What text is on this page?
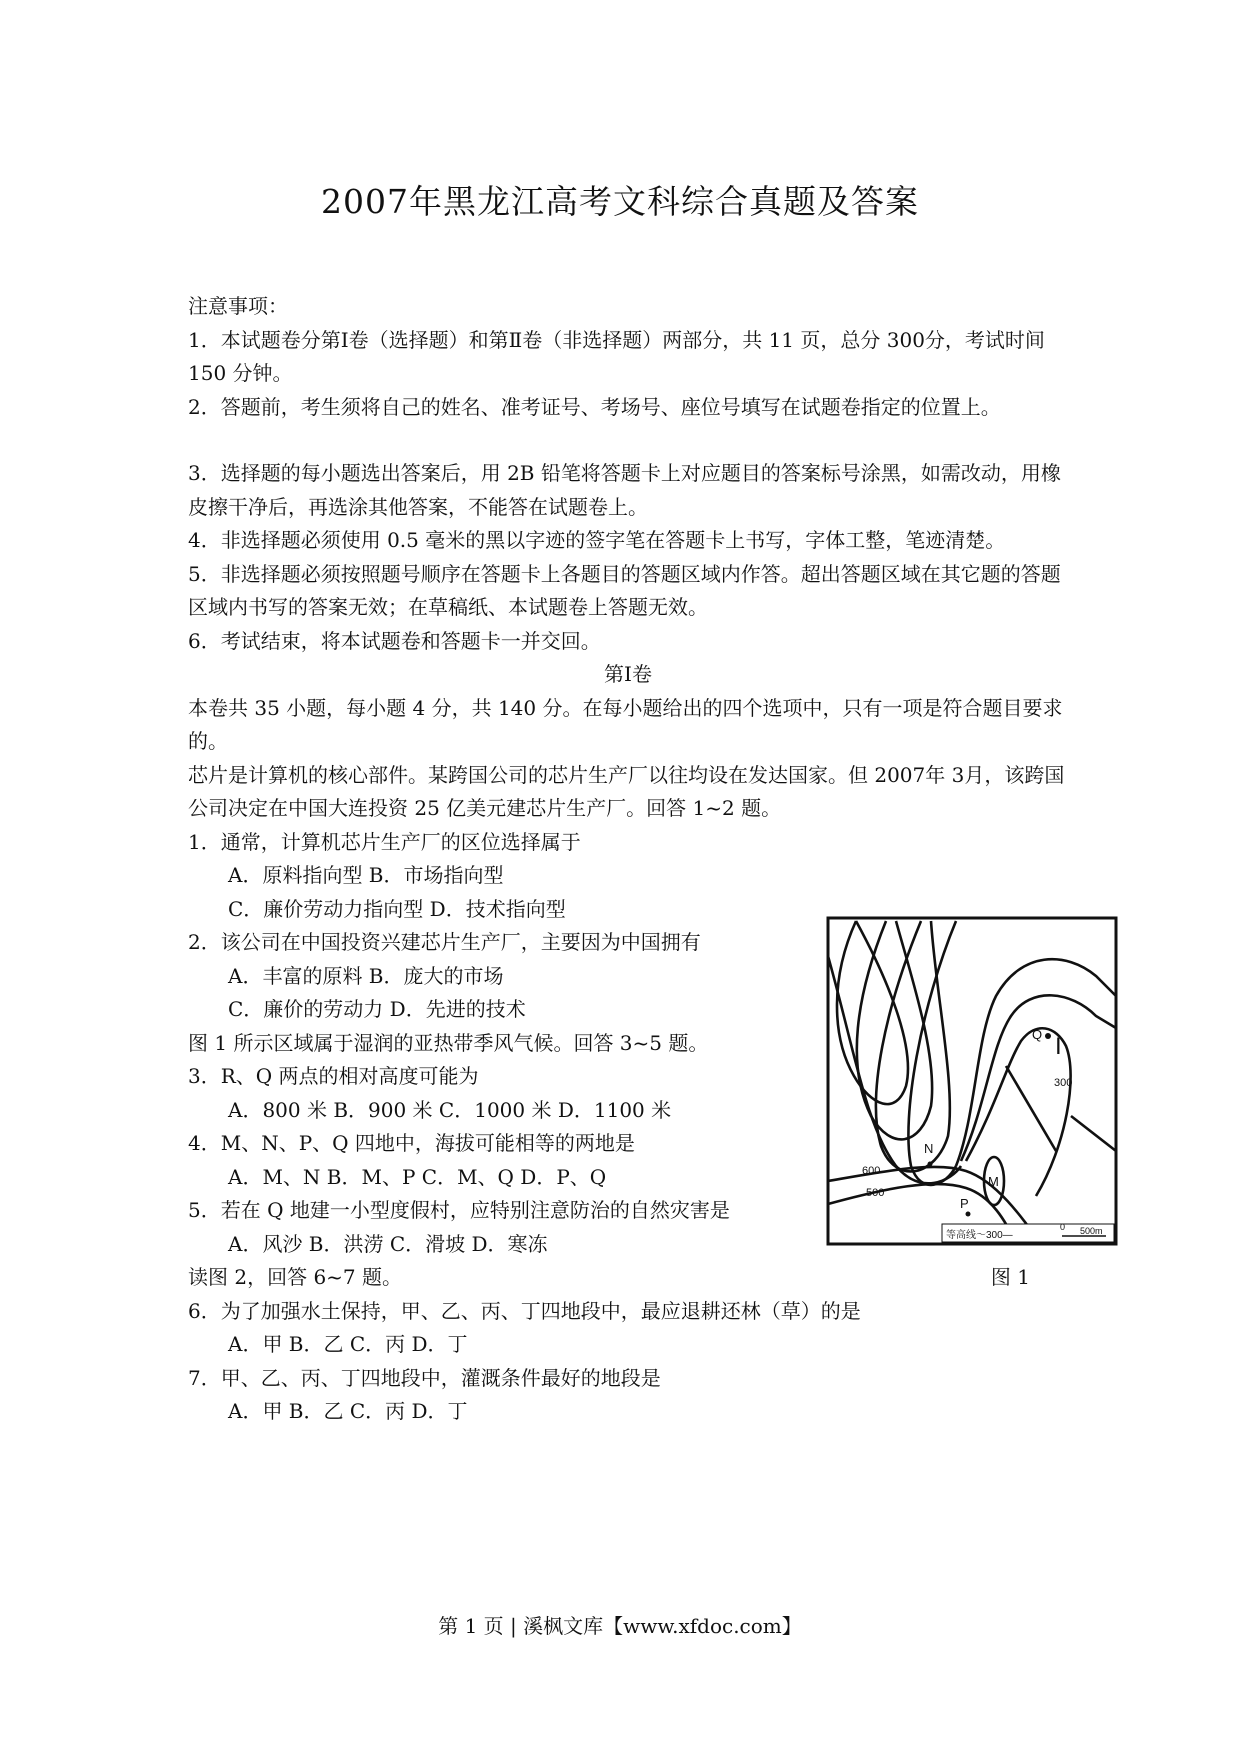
2007年黑龙江高考文科综合真题及答案

注意事项：

1．本试题卷分第Ⅰ卷（选择题）和第Ⅱ卷（非选择题）两部分，共 11 页，总分 300分，考试时间 150 分钟。

2．答题前，考生须将自己的姓名、准考证号、考场号、座位号填写在试题卷指定的位置上。

3．选择题的每小题选出答案后，用 2B 铅笔将答题卡上对应题目的答案标号涂黑，如需改动，用橡皮擦干净后，再选涂其他答案，不能答在试题卷上。

4．非选择题必须使用 0.5 毫米的黑以字迹的签字笔在答题卡上书写，字体工整，笔迹清楚。

5．非选择题必须按照题号顺序在答题卡上各题目的答题区域内作答。超出答题区域在其它题的答题区域内书写的答案无效；在草稿纸、本试题卷上答题无效。

6．考试结束，将本试题卷和答题卡一并交回。

第Ⅰ卷

本卷共 35 小题，每小题 4 分，共 140 分。在每小题给出的四个选项中，只有一项是符合题目要求的。

芯片是计算机的核心部件。某跨国公司的芯片生产厂以往均设在发达国家。但 2007年 3月，该跨国公司决定在中国大连投资 25 亿美元建芯片生产厂。回答 1~2 题。

1．通常，计算机芯片生产厂的区位选择属于

A．原料指向型 B．市场指向型

C．廉价劳动力指向型 D．技术指向型

2．该公司在中国投资兴建芯片生产厂，主要因为中国拥有

A．丰富的原料 B．庞大的市场

C．廉价的劳动力 D．先进的技术

图 1 所示区域属于湿润的亚热带季风气候。回答 3~5 题。

3．R、Q 两点的相对高度可能为

A．800 米 B．900 米 C．1000 米 D．1100 米

4．M、N、P、Q 四地中，海拔可能相等的两地是

A．M、N B．M、P C．M、Q D．P、Q

5．若在 Q 地建一小型度假村，应特别注意防治的自然灾害是

A．风沙 B．洪涝 C．滑坡 D．寒冻

读图 2，回答 6~7 题。	图 1

6．为了加强水土保持，甲、乙、丙、丁四地段中，最应退耕还林（草）的是

A．甲 B．乙 C．丙 D．丁

7．甲、乙、丙、丁四地段中，灌溉条件最好的地段是

A．甲 B．乙 C．丙 D．丁

Q I
N
P
M
300
600
500
等高线～300—
0 500m
第 1 页 | 溪枫文库【www.xfdoc.com】
